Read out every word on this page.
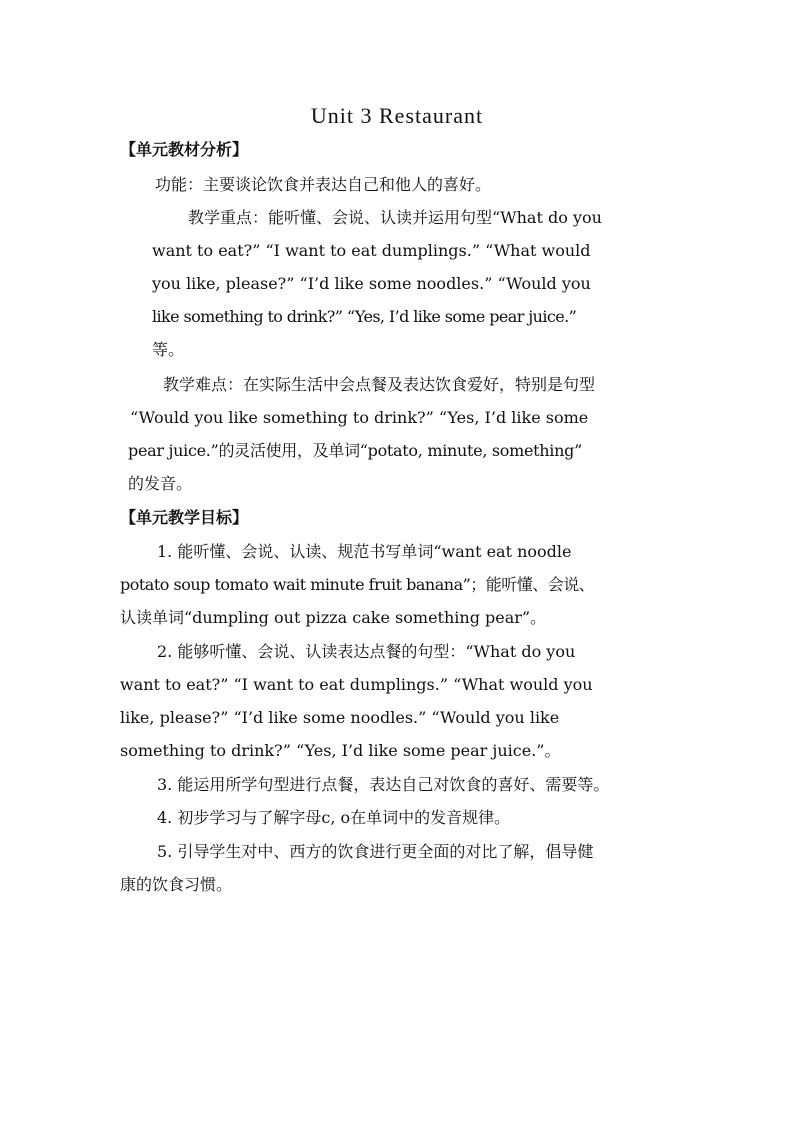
Unit 3 Restaurant
【单元教材分析】
功能：主要谈论饮食并表达自己和他人的喜好。
教学重点：能听懂、会说、认读并运用句型“What do you
want to eat?” “I want to eat dumplings.” “What would
you like, please?” “I’d like some noodles.” “Would you
like something to drink?” “Yes, I’d like some pear juice.”
等。
教学难点：在实际生活中会点餐及表达饮食爱好，特别是句型
“Would you like something to drink?” “Yes, I’d like some
pear juice.”的灵活使用，及单词“potato, minute, something”
的发音。
【单元教学目标】
1. 能听懂、会说、认读、规范书写单词“want eat noodle
potato soup tomato wait minute fruit banana”；能听懂、会说、
认读单词“dumpling out pizza cake something pear”。
2. 能够听懂、会说、认读表达点餐的句型：“What do you
want to eat?” “I want to eat dumplings.” “What would you
like, please?” “I’d like some noodles.” “Would you like
something to drink?” “Yes, I’d like some pear juice.”。
3. 能运用所学句型进行点餐，表达自己对饮食的喜好、需要等。
4. 初步学习与了解字母c, o在单词中的发音规律。
5. 引导学生对中、西方的饮食进行更全面的对比了解，倡导健
康的饮食习惯。
